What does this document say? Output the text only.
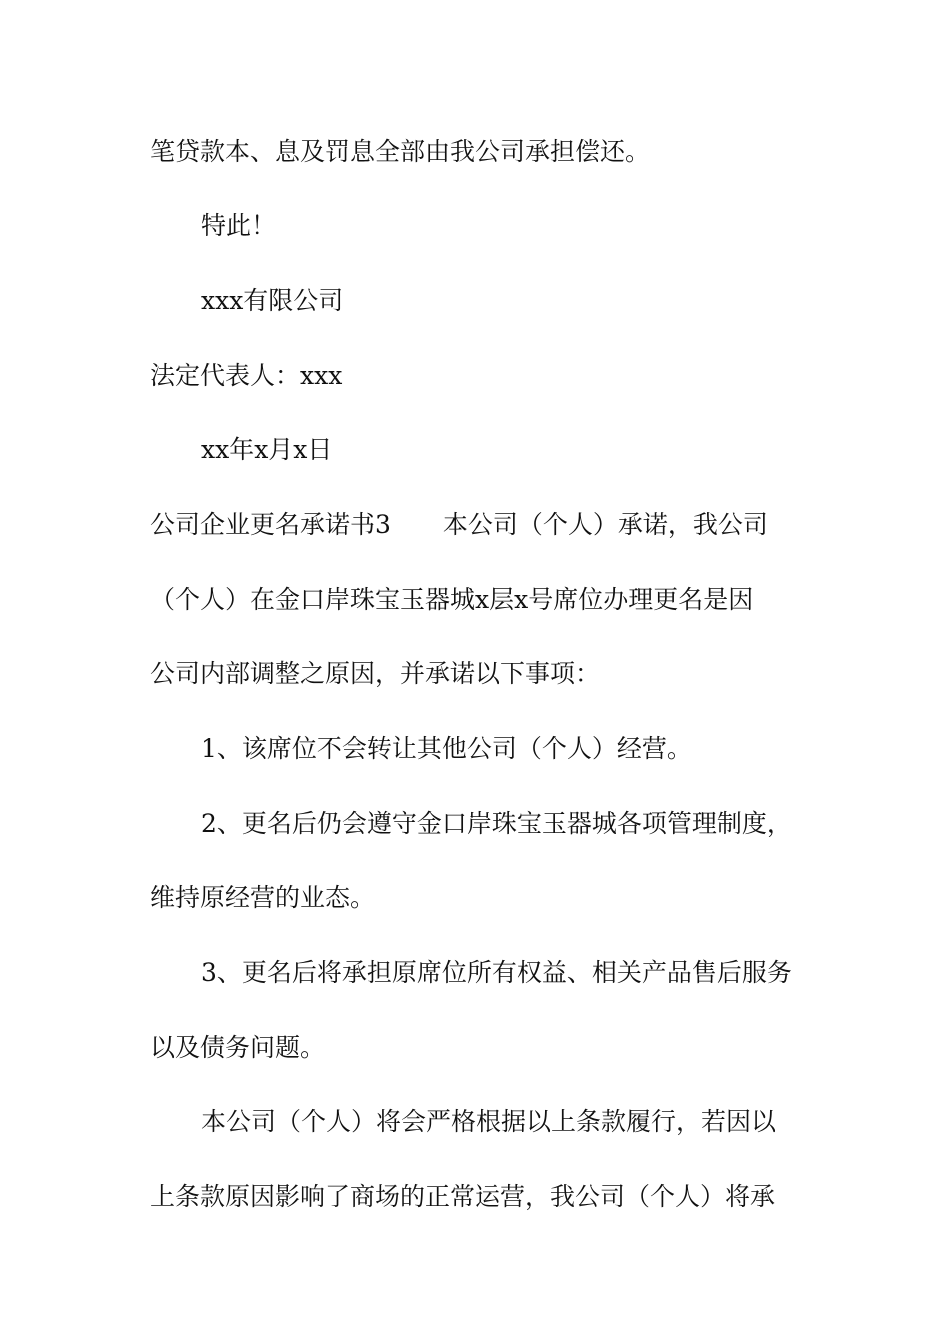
笔贷款本、息及罚息全部由我公司承担偿还。

特此！

xxx有限公司

法定代表人：xxx

xx年x月x日

公司企业更名承诺书3 本公司（个人）承诺，我公司

（个人）在金口岸珠宝玉器城x层x号席位办理更名是因

公司内部调整之原因，并承诺以下事项：

1、该席位不会转让其他公司（个人）经营。

2、更名后仍会遵守金口岸珠宝玉器城各项管理制度，

维持原经营的业态。

3、更名后将承担原席位所有权益、相关产品售后服务

以及债务问题。

本公司（个人）将会严格根据以上条款履行，若因以

上条款原因影响了商场的正常运营，我公司（个人）将承
